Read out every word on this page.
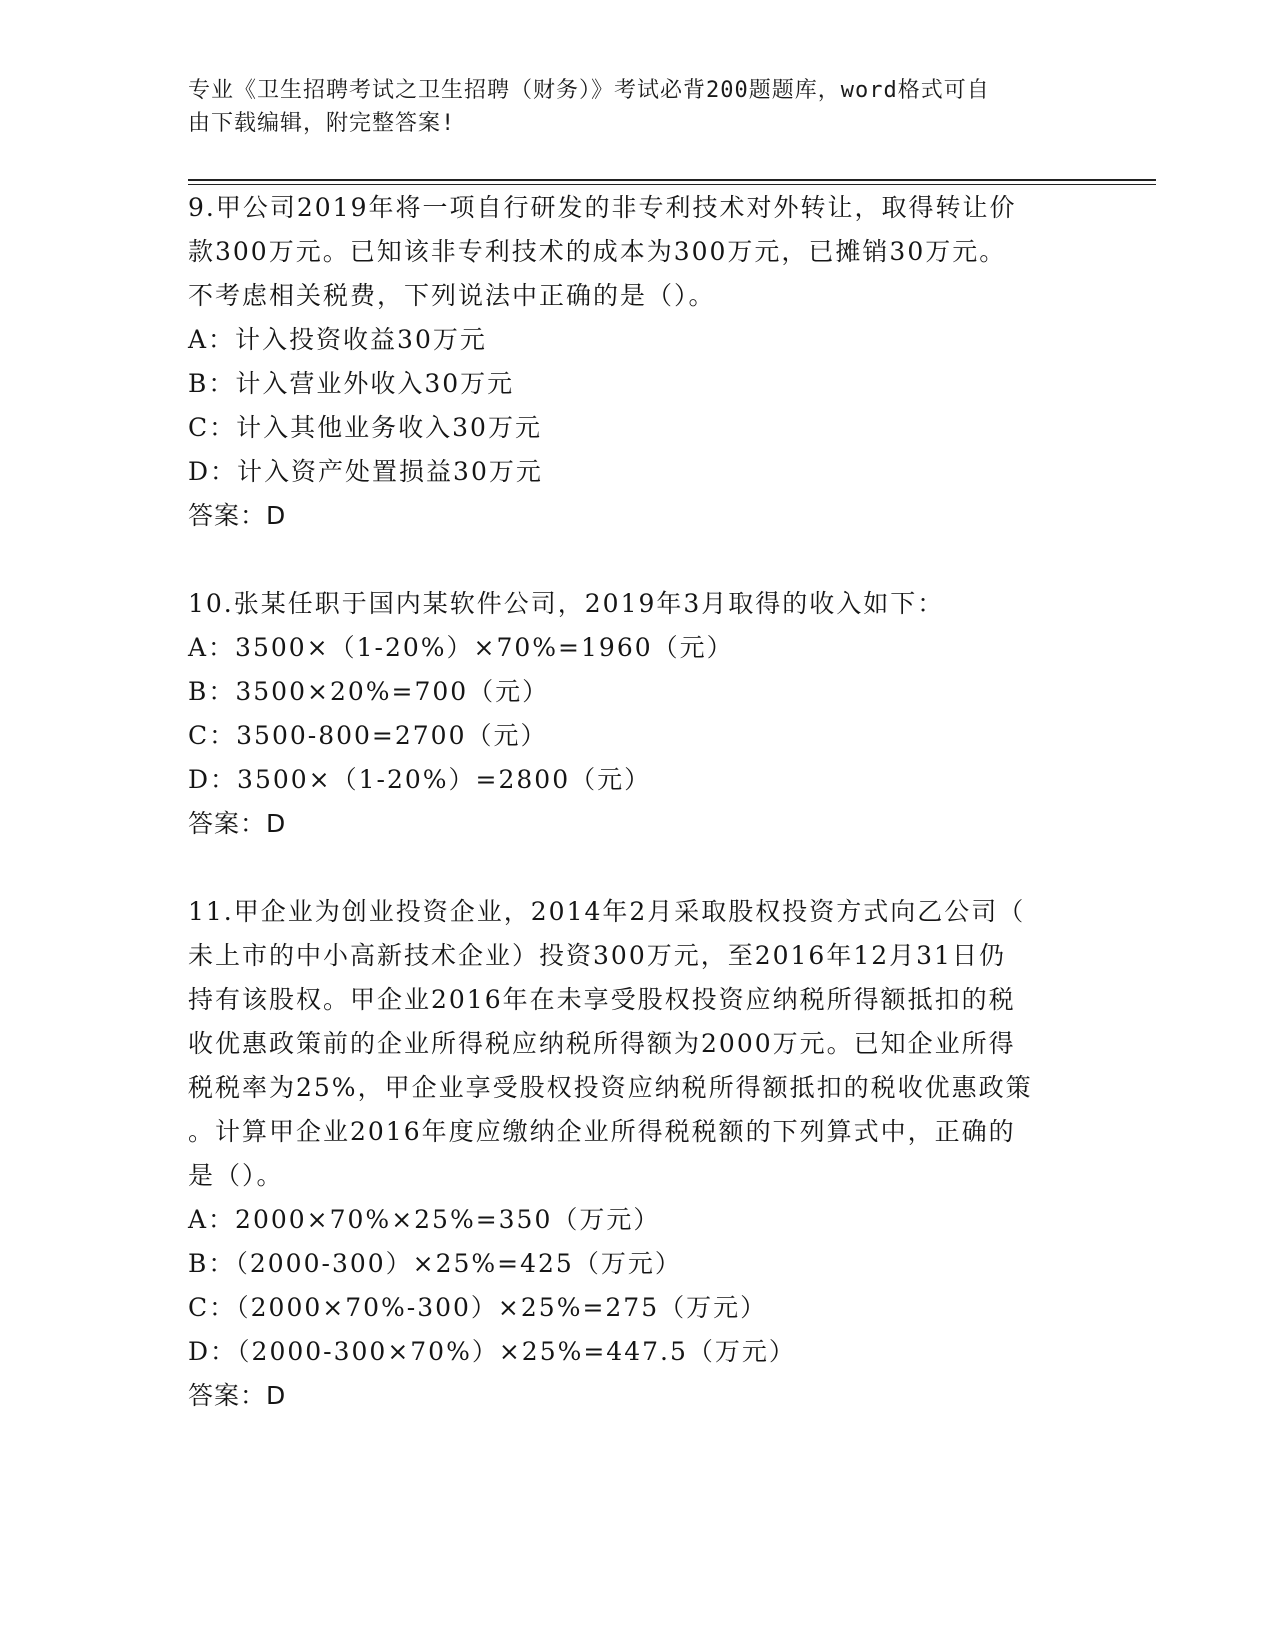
专业《卫生招聘考试之卫生招聘（财务）》考试必背200题题库，word格式可自
由下载编辑，附完整答案!
9.甲公司2019年将一项自行研发的非专利技术对外转让，取得转让价
款300万元。已知该非专利技术的成本为300万元，已摊销30万元。
不考虑相关税费，下列说法中正确的是（）。
A：计入投资收益30万元
B：计入营业外收入30万元
C：计入其他业务收入30万元
D：计入资产处置损益30万元
答案：D
10.张某任职于国内某软件公司，2019年3月取得的收入如下：
A：3500×（1-20%）×70%=1960（元）
B：3500×20%=700（元）
C：3500-800=2700（元）
D：3500×（1-20%）=2800（元）
答案：D
11.甲企业为创业投资企业，2014年2月采取股权投资方式向乙公司（
未上市的中小高新技术企业）投资300万元，至2016年12月31日仍
持有该股权。甲企业2016年在未享受股权投资应纳税所得额抵扣的税
收优惠政策前的企业所得税应纳税所得额为2000万元。已知企业所得
税税率为25%，甲企业享受股权投资应纳税所得额抵扣的税收优惠政策
。计算甲企业2016年度应缴纳企业所得税税额的下列算式中，正确的
是（）。
A：2000×70%×25%=350（万元）
B：（2000-300）×25%=425（万元）
C：（2000×70%-300）×25%=275（万元）
D：（2000-300×70%）×25%=447.5（万元）
答案：D
